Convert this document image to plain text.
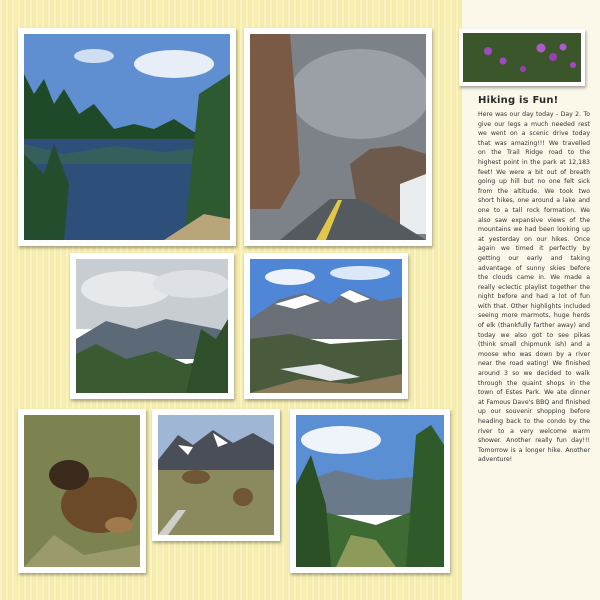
Hiking is Fun!

Here was our day today - Day 2. To give our legs a much needed rest we went on a scenic drive today that was amazing!!! We travelled on the Trail Ridge road to the highest point in the park at 12,183 feet! We were a bit out of breath going up hill but no one felt sick from the altitude. We took two short hikes, one around a lake and one to a tall rock formation. We also saw expansive views of the mountains we had been looking up at yesterday on our hikes. Once again we timed it perfectly by getting our early and taking advantage of sunny skies before the clouds came in. We made a really eclectic playlist together the night before and had a lot of fun with that. Other highlights included seeing more marmots, huge herds of elk (thankfully farther away) and today we also got to see pikas (think small chipmunk ish) and a moose who was down by a river near the road eating! We finished around 3 so we decided to walk through the quaint shops in the town of Estes Park. We ate dinner at Famous Dave's BBQ and finished up our souvenir shopping before heading back to the condo by the river to a very welcome warm shower. Another really fun day!!! Tomorrow is a longer hike. Another adventure!
